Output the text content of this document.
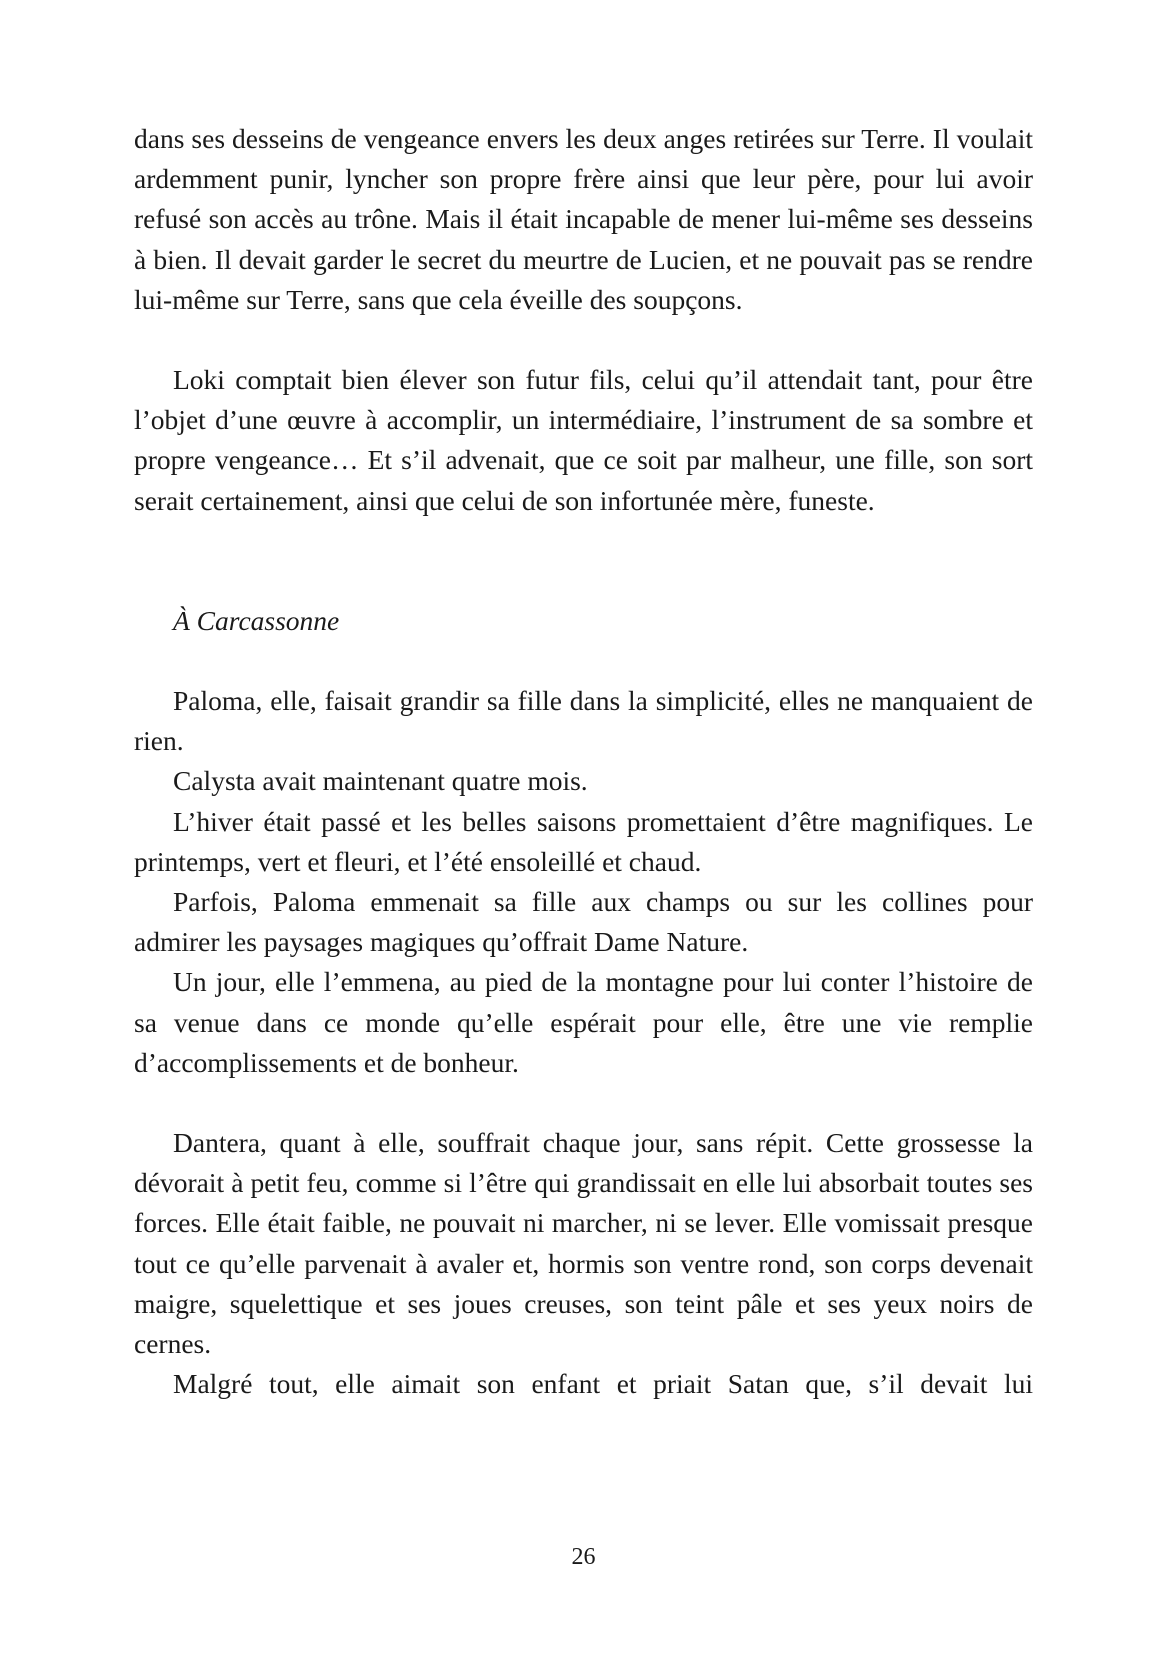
dans ses desseins de vengeance envers les deux anges retirées sur Terre. Il voulait ardemment punir, lyncher son propre frère ainsi que leur père, pour lui avoir refusé son accès au trône. Mais il était incapable de mener lui-même ses desseins à bien. Il devait garder le secret du meurtre de Lucien, et ne pouvait pas se rendre lui-même sur Terre, sans que cela éveille des soupçons.

Loki comptait bien élever son futur fils, celui qu’il attendait tant, pour être l’objet d’une œuvre à accomplir, un intermédiaire, l’instrument de sa sombre et propre vengeance… Et s’il advenait, que ce soit par malheur, une fille, son sort serait certainement, ainsi que celui de son infortunée mère, funeste.

À Carcassonne

Paloma, elle, faisait grandir sa fille dans la simplicité, elles ne manquaient de rien.

Calysta avait maintenant quatre mois.

L’hiver était passé et les belles saisons promettaient d’être magnifiques. Le printemps, vert et fleuri, et l’été ensoleillé et chaud.

Parfois, Paloma emmenait sa fille aux champs ou sur les collines pour admirer les paysages magiques qu’offrait Dame Nature.

Un jour, elle l’emmena, au pied de la montagne pour lui conter l’histoire de sa venue dans ce monde qu’elle espérait pour elle, être une vie remplie d’accomplissements et de bonheur.

Dantera, quant à elle, souffrait chaque jour, sans répit. Cette grossesse la dévorait à petit feu, comme si l’être qui grandissait en elle lui absorbait toutes ses forces. Elle était faible, ne pouvait ni marcher, ni se lever. Elle vomissait presque tout ce qu’elle parvenait à avaler et, hormis son ventre rond, son corps devenait maigre, squelettique et ses joues creuses, son teint pâle et ses yeux noirs de cernes.

Malgré tout, elle aimait son enfant et priait Satan que, s’il devait lui

26
